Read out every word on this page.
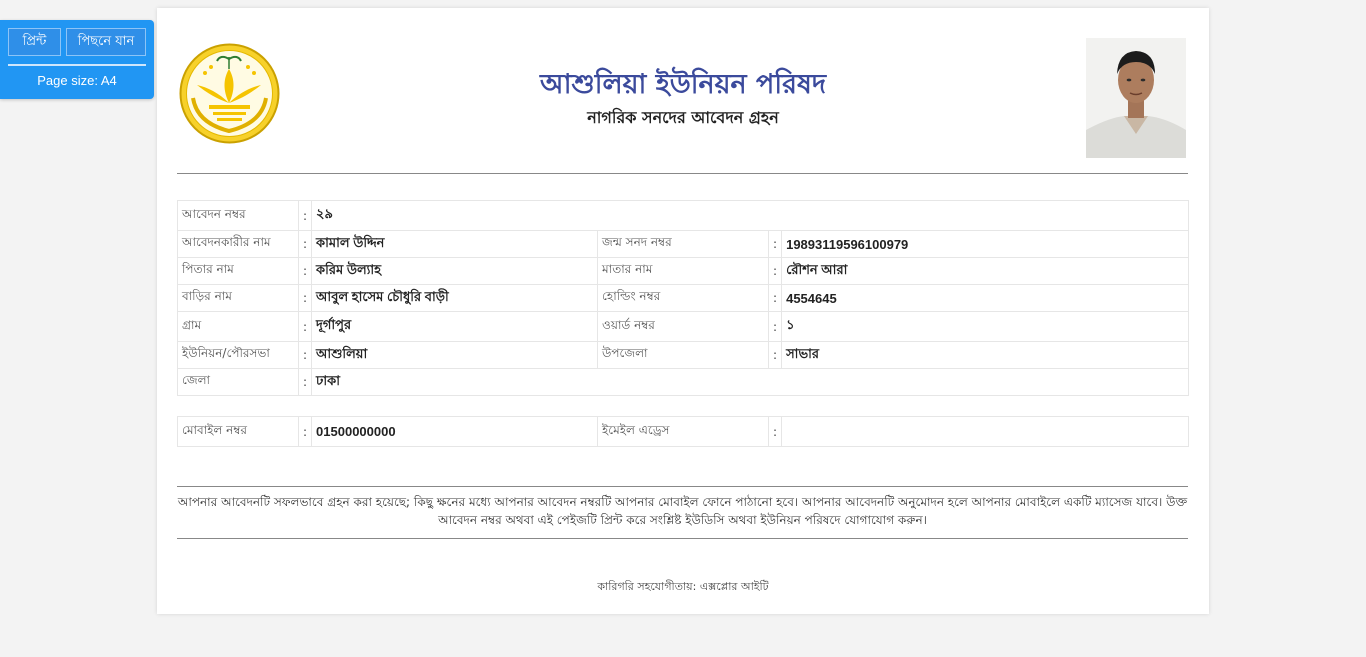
প্রিন্ট	পিছনে যান
Page size: A4	আশুলিয়া ইউনিয়ন পরিষদ
নাগরিক সনদের আবেদন গ্রহন
আবেদন নম্বর	:	২৯			
আবেদনকারীর নাম	:	কামাল উদ্দিন	জন্ম সনদ নম্বর	:	19893119596100979
পিতার নাম	:	করিম উল্যাহ	মাতার নাম	:	রৌশন আরা
বাড়ির নাম	:	আবুল হাসেম চৌধুরি বাড়ী	হোল্ডিং নম্বর	:	4554645
গ্রাম	:	দূর্গাপুর	ওয়ার্ড নম্বর	:	১
ইউনিয়ন/পৌরসভা	:	আশুলিয়া	উপজেলা	:	সাভার
জেলা	:	ঢাকা			
মোবাইল নম্বর	:	01500000000	ইমেইল এড্রেস	:	
আপনার আবেদনটি সফলভাবে গ্রহন করা হয়েছে; কিছু ক্ষনের মধ্যে আপনার আবেদন নম্বরটি আপনার মোবাইল ফোনে পাঠানো হবে। আপনার আবেদনটি অনুমোদন হলে আপনার মোবাইলে একটি ম্যাসেজ যাবে। উক্ত আবেদন নম্বর অথবা এই পেইজটি প্রিন্ট করে সংশ্লিষ্ট ইউডিসি অথবা ইউনিয়ন পরিষদে যোগাযোগ করুন।
কারিগরি সহযোগীতায়: এক্সপ্লোর আইটি
